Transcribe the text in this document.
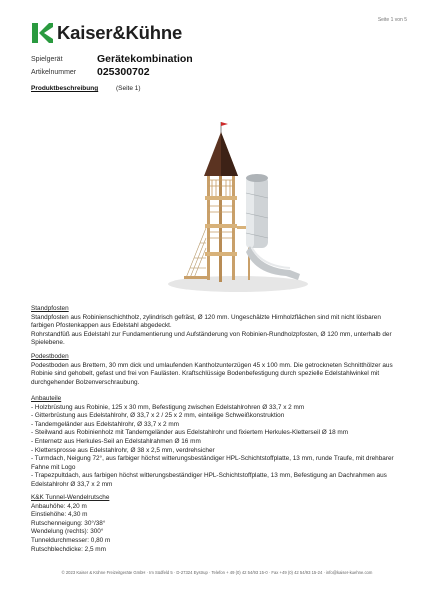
Kaiser&Kühne
Seite 1 von 5
Spielgerät	Gerätekombination
Artikelnummer 025300702
Produktbeschreibung	(Seite 1)
Standpfosten
Standpfosten aus Robinienschichtholz, zylindrisch gefräst, Ø 120 mm. Ungeschälzte Hirnholzflächen sind mit nicht lösbaren
farbigen Pfostenkappen aus Edelstahl abgedeckt.
Rohrstandfüß aus Edelstahl zur Fundamentierung und Aufständerung von Robinien-Rundholzpfosten, Ø 120 mm, unterhalb der
Spielebene.
Podestboden
Podestboden aus Brettern, 30 mm dick und umlaufenden Kantholzunterzügen 45 x 100 mm. Die getrockneten Schnitthölzer aus
Robinie sind gehobelt, gefast und frei von Faulästen. Kraftschlüssige Bodenbefestigung durch spezielle Edelstahlwinkel mit
durchgehender Bolzenverschraubung.
Anbauteile
- Holzbrüstung aus Robinie, 125 x 30 mm, Befestigung zwischen Edelstahlrohren Ø 33,7 x 2 mm
- Gitterbrüstung aus Edelstahlrohr, Ø 33,7 x 2 / 25 x 2 mm, einteilige Schweißkonstruktion
- Tandemgeländer aus Edelstahlrohr, Ø 33,7 x 2 mm
- Steilwand aus Robinienholz mit Tandemgeländer aus Edelstahlrohr und fixiertem Herkules-Kletterseil Ø 18 mm
- Enternetz aus Herkules-Seil an Edelstahlrahmen Ø 16 mm
- Klettersprosse aus Edelstahlrohr, Ø 38 x 2,5 mm, verdrehsicher
- Turmdach, Neigung 72°, aus farbiger höchst witterungsbeständiger HPL-Schichtstoffplatte, 13 mm, runde Traufe, mit drehbarer
Fahne mit Logo
- Trapezpultdach, aus farbigen höchst witterungsbeständiger HPL-Schichtstoffplatte, 13 mm, Befestigung an Dachrahmen aus
Edelstahlrohr Ø 33,7 x 2 mm
K&K Tunnel-Wendelrutsche
Anbauhöhe: 4,20 m
Einstiehöhe: 4,30 m
Rutschenneigung: 30°/38°
Wendelung (rechts): 300°
Tunneldurchmesser: 0,80 m
Rutschblechdicke: 2,5 mm
© 2023 Kaiser & Kühne Freizeitgeräte GmbH · Im Südfeld 5 · D-27324 Eystrup · Telefon + 49 (0) 42 54/93 15-0 · Fax +49 (0) 42 54/93 15-24 · info@kaiser-kuehne.com
